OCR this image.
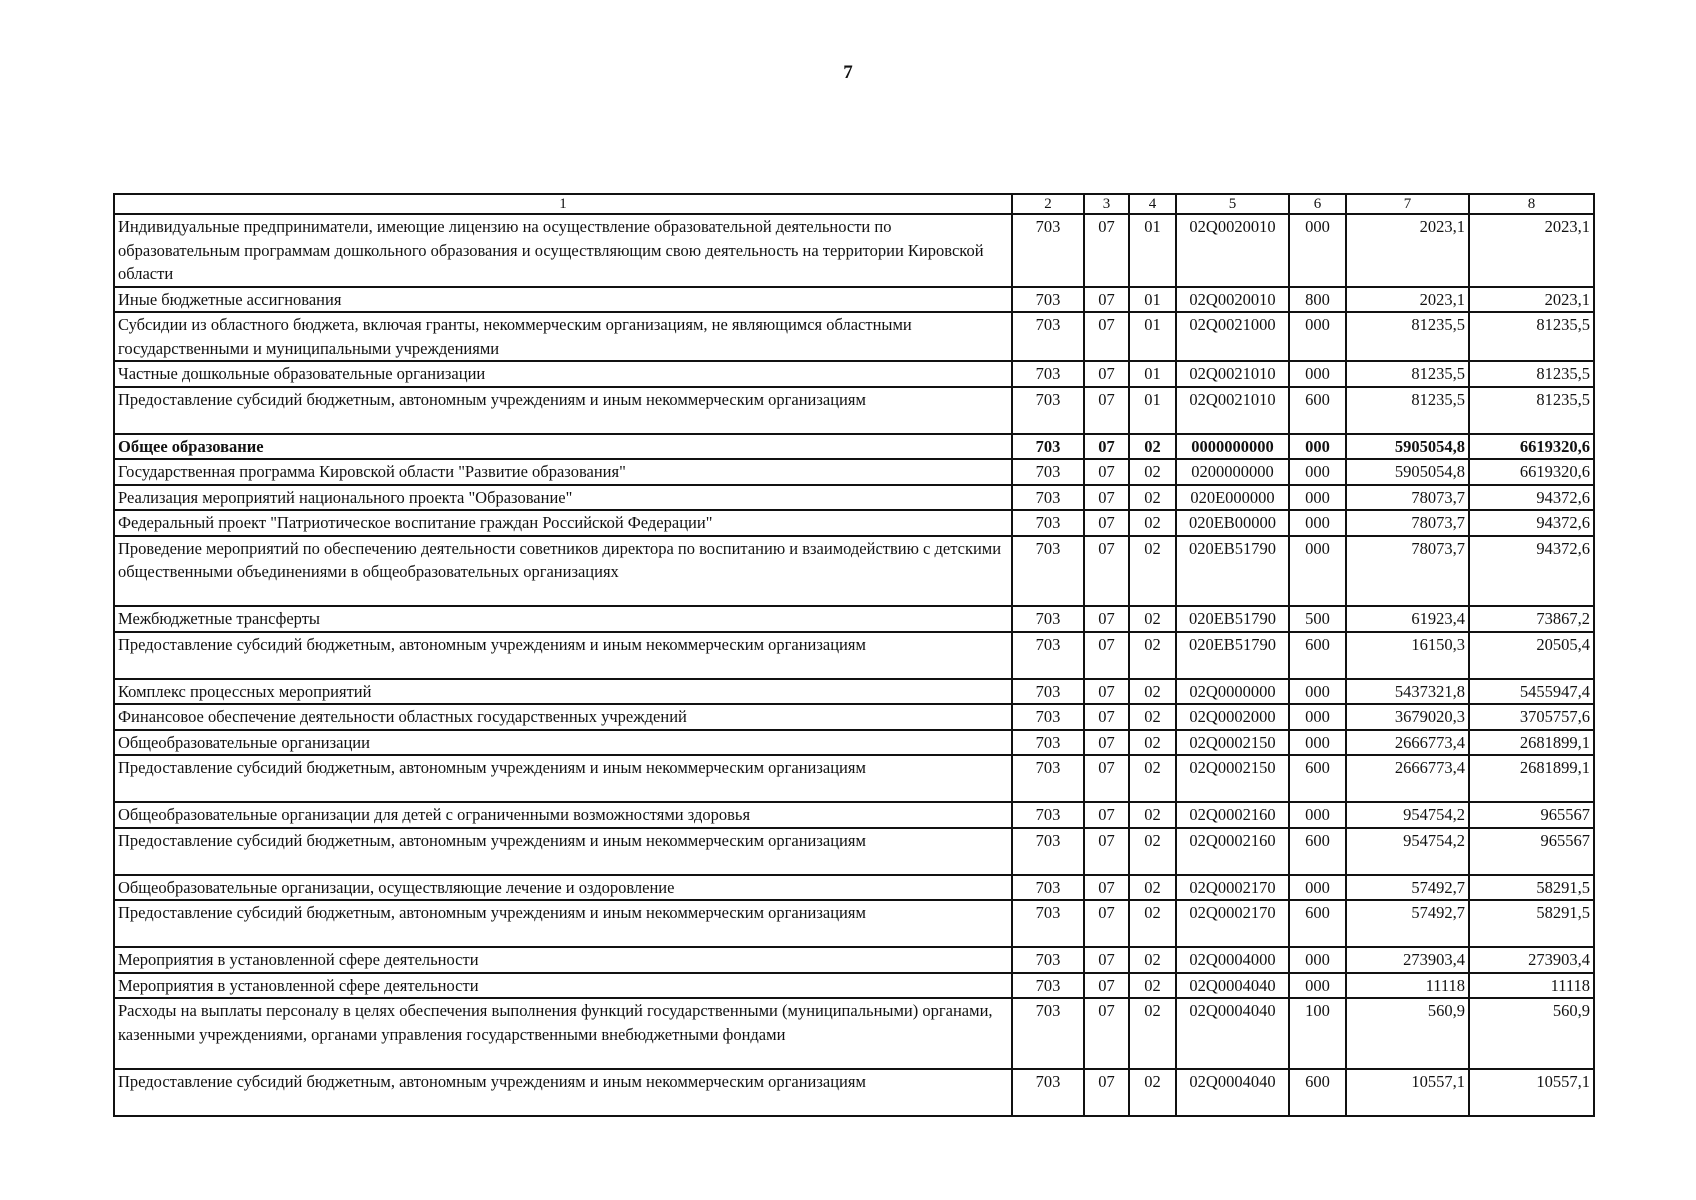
7
1	2	3	4	5	6	7	8
Индивидуальные предприниматели, имеющие лицензию на осуществление образовательной деятельности по образовательным программам дошкольного образования и осуществляющим свою деятельность на территории Кировской области	703	07	01	02Q0020010	000	2023,1	2023,1
Иные бюджетные ассигнования	703	07	01	02Q0020010	800	2023,1	2023,1
Субсидии из областного бюджета, включая гранты, некоммерческим организациям, не являющимся областными государственными и муниципальными учреждениями	703	07	01	02Q0021000	000	81235,5	81235,5
Частные дошкольные образовательные организации	703	07	01	02Q0021010	000	81235,5	81235,5
Предоставление субсидий бюджетным, автономным учреждениям и иным некоммерческим организациям	703	07	01	02Q0021010	600	81235,5	81235,5
Общее образование	703	07	02	0000000000	000	5905054,8	6619320,6
Государственная программа Кировской области "Развитие образования"	703	07	02	0200000000	000	5905054,8	6619320,6
Реализация мероприятий национального проекта "Образование"	703	07	02	020E000000	000	78073,7	94372,6
Федеральный проект "Патриотическое воспитание граждан Российской Федерации"	703	07	02	020EB00000	000	78073,7	94372,6
Проведение мероприятий по обеспечению деятельности советников директора по воспитанию и взаимодействию с детскими общественными объединениями в общеобразовательных организациях	703	07	02	020EB51790	000	78073,7	94372,6
Межбюджетные трансферты	703	07	02	020EB51790	500	61923,4	73867,2
Предоставление субсидий бюджетным, автономным учреждениям и иным некоммерческим организациям	703	07	02	020EB51790	600	16150,3	20505,4
Комплекс процессных мероприятий	703	07	02	02Q0000000	000	5437321,8	5455947,4
Финансовое обеспечение деятельности областных государственных учреждений	703	07	02	02Q0002000	000	3679020,3	3705757,6
Общеобразовательные организации	703	07	02	02Q0002150	000	2666773,4	2681899,1
Предоставление субсидий бюджетным, автономным учреждениям и иным некоммерческим организациям	703	07	02	02Q0002150	600	2666773,4	2681899,1
Общеобразовательные организации для детей с ограниченными возможностями здоровья	703	07	02	02Q0002160	000	954754,2	965567
Предоставление субсидий бюджетным, автономным учреждениям и иным некоммерческим организациям	703	07	02	02Q0002160	600	954754,2	965567
Общеобразовательные организации, осуществляющие лечение и оздоровление	703	07	02	02Q0002170	000	57492,7	58291,5
Предоставление субсидий бюджетным, автономным учреждениям и иным некоммерческим организациям	703	07	02	02Q0002170	600	57492,7	58291,5
Мероприятия в установленной сфере деятельности	703	07	02	02Q0004000	000	273903,4	273903,4
Мероприятия в установленной сфере деятельности	703	07	02	02Q0004040	000	11118	11118
Расходы на выплаты персоналу в целях обеспечения выполнения функций государственными (муниципальными) органами, казенными учреждениями, органами управления государственными внебюджетными фондами	703	07	02	02Q0004040	100	560,9	560,9
Предоставление субсидий бюджетным, автономным учреждениям и иным некоммерческим организациям	703	07	02	02Q0004040	600	10557,1	10557,1
